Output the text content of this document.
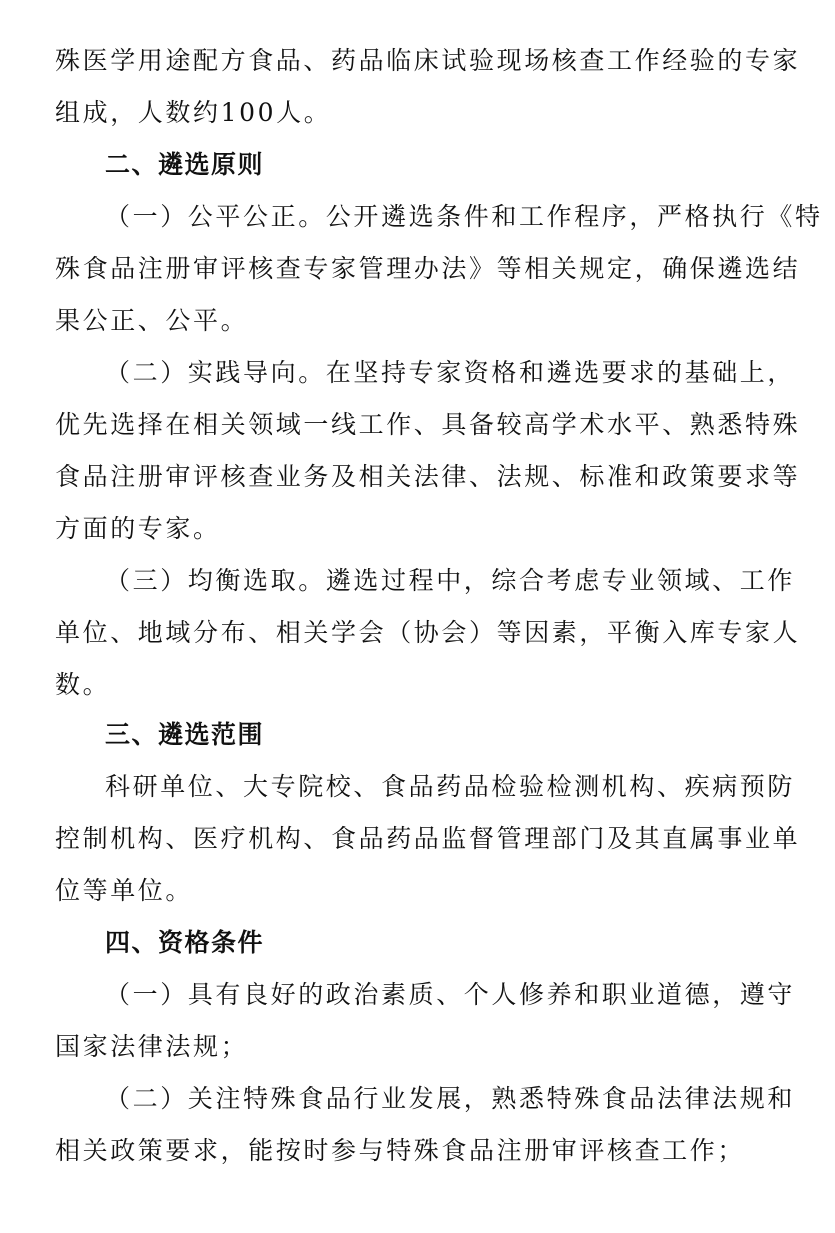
殊医学用途配方食品、药品临床试验现场核查工作经验的专家
组成，人数约100人。
二、遴选原则
（一）公平公正。公开遴选条件和工作程序，严格执行《特
殊食品注册审评核查专家管理办法》等相关规定，确保遴选结
果公正、公平。
（二）实践导向。在坚持专家资格和遴选要求的基础上，
优先选择在相关领域一线工作、具备较高学术水平、熟悉特殊
食品注册审评核查业务及相关法律、法规、标准和政策要求等
方面的专家。
（三）均衡选取。遴选过程中，综合考虑专业领域、工作
单位、地域分布、相关学会（协会）等因素，平衡入库专家人
数。
三、遴选范围
科研单位、大专院校、食品药品检验检测机构、疾病预防
控制机构、医疗机构、食品药品监督管理部门及其直属事业单
位等单位。
四、资格条件
（一）具有良好的政治素质、个人修养和职业道德，遵守
国家法律法规；
（二）关注特殊食品行业发展，熟悉特殊食品法律法规和
相关政策要求，能按时参与特殊食品注册审评核查工作；
